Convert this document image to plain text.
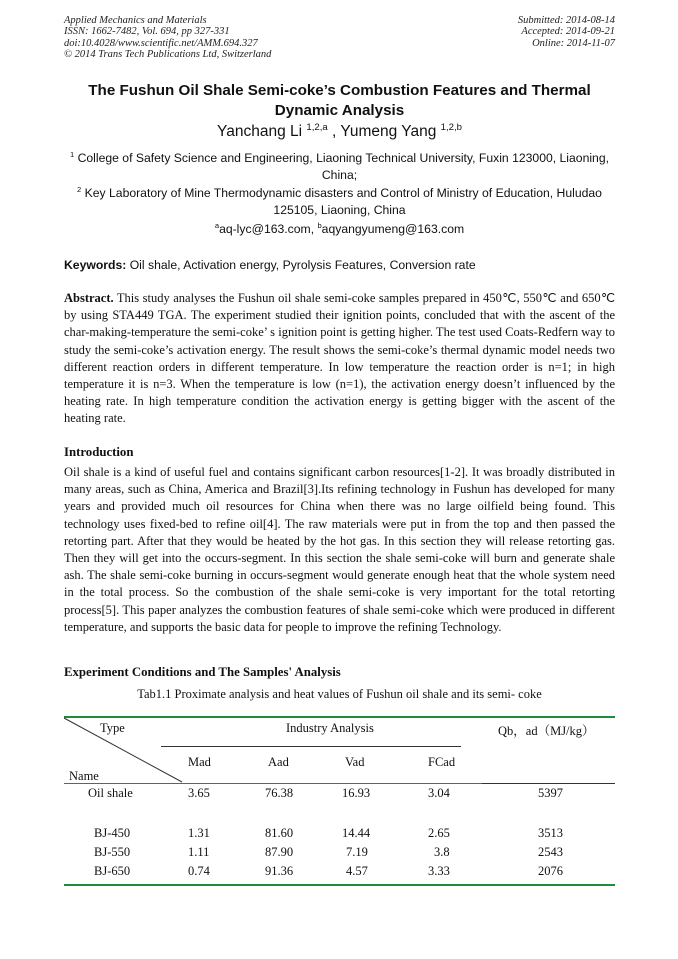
Applied Mechanics and Materials
ISSN: 1662-7482, Vol. 694, pp 327-331
doi:10.4028/www.scientific.net/AMM.694.327
© 2014 Trans Tech Publications Ltd, Switzerland
Submitted: 2014-08-14
Accepted: 2014-09-21
Online: 2014-11-07
The Fushun Oil Shale Semi-coke’s Combustion Features and Thermal
Dynamic Analysis
Yanchang Li $^{1,2,a}$ , Yumeng Yang $^{1,2,b}$
$^1$ College of Safety Science and Engineering, Liaoning Technical University, Fuxin 123000, Liaoning,
China;
$^2$ Key Laboratory of Mine Thermodynamic disasters and Control of Ministry of Education, Huludao
125105, Liaoning, China
$^a$aq-lyc@163.com, $^b$aqyangyumeng@163.com
Keywords: Oil shale, Activation energy, Pyrolysis Features, Conversion rate
Abstract. This study analyses the Fushun oil shale semi-coke samples prepared in 450℃, 550℃ and 650℃ by using STA449 TGA. The experiment studied their ignition points, concluded that with the ascent of the char-making-temperature the semi-coke’ s ignition point is getting higher. The test used Coats-Redfern way to study the semi-coke’s activation energy. The result shows the semi-coke’s thermal dynamic model needs two different reaction orders in different temperature. In low temperature the reaction order is n=1; in high temperature it is n=3. When the temperature is low (n=1), the activation energy doesn’t influenced by the heating rate. In high temperature condition the activation energy is getting bigger with the ascent of the heating rate.
Introduction
Oil shale is a kind of useful fuel and contains significant carbon resources[1-2]. It was broadly distributed in many areas, such as China, America and Brazil[3].Its refining technology in Fushun has developed for many years and provided much oil resources for China when there was no large oilfield being found. This technology uses fixed-bed to refine oil[4]. The raw materials were put in from the top and then passed the retorting part. After that they would be heated by the hot gas. In this section they will release retorting gas. Then they will get into the occurs-segment. In this section the shale semi-coke will burn and generate shale ash. The shale semi-coke burning in occurs-segment would generate enough heat that the whole system need in the total process. So the combustion of the shale semi-coke is very important for the total retorting process[5]. This paper analyzes the combustion features of shale semi-coke which were produced in different temperature, and supports the basic data for people to improve the refining Technology.
Experiment Conditions and The Samples' Analysis
Tab1.1 Proximate analysis and heat values of Fushun oil shale and its semi- coke
Type
Name
Industry Analysis	Qb，ad（MJ/kg）
Mad	Aad	Vad	FCad
Oil shale	3.65	76.38	16.93	3.04	5397
BJ-450	1.31	81.60	14.44	2.65	3513
BJ-550	1.11	87.90	7.19	3.8	2543
BJ-650	0.74	91.36	4.57	3.33	2076
